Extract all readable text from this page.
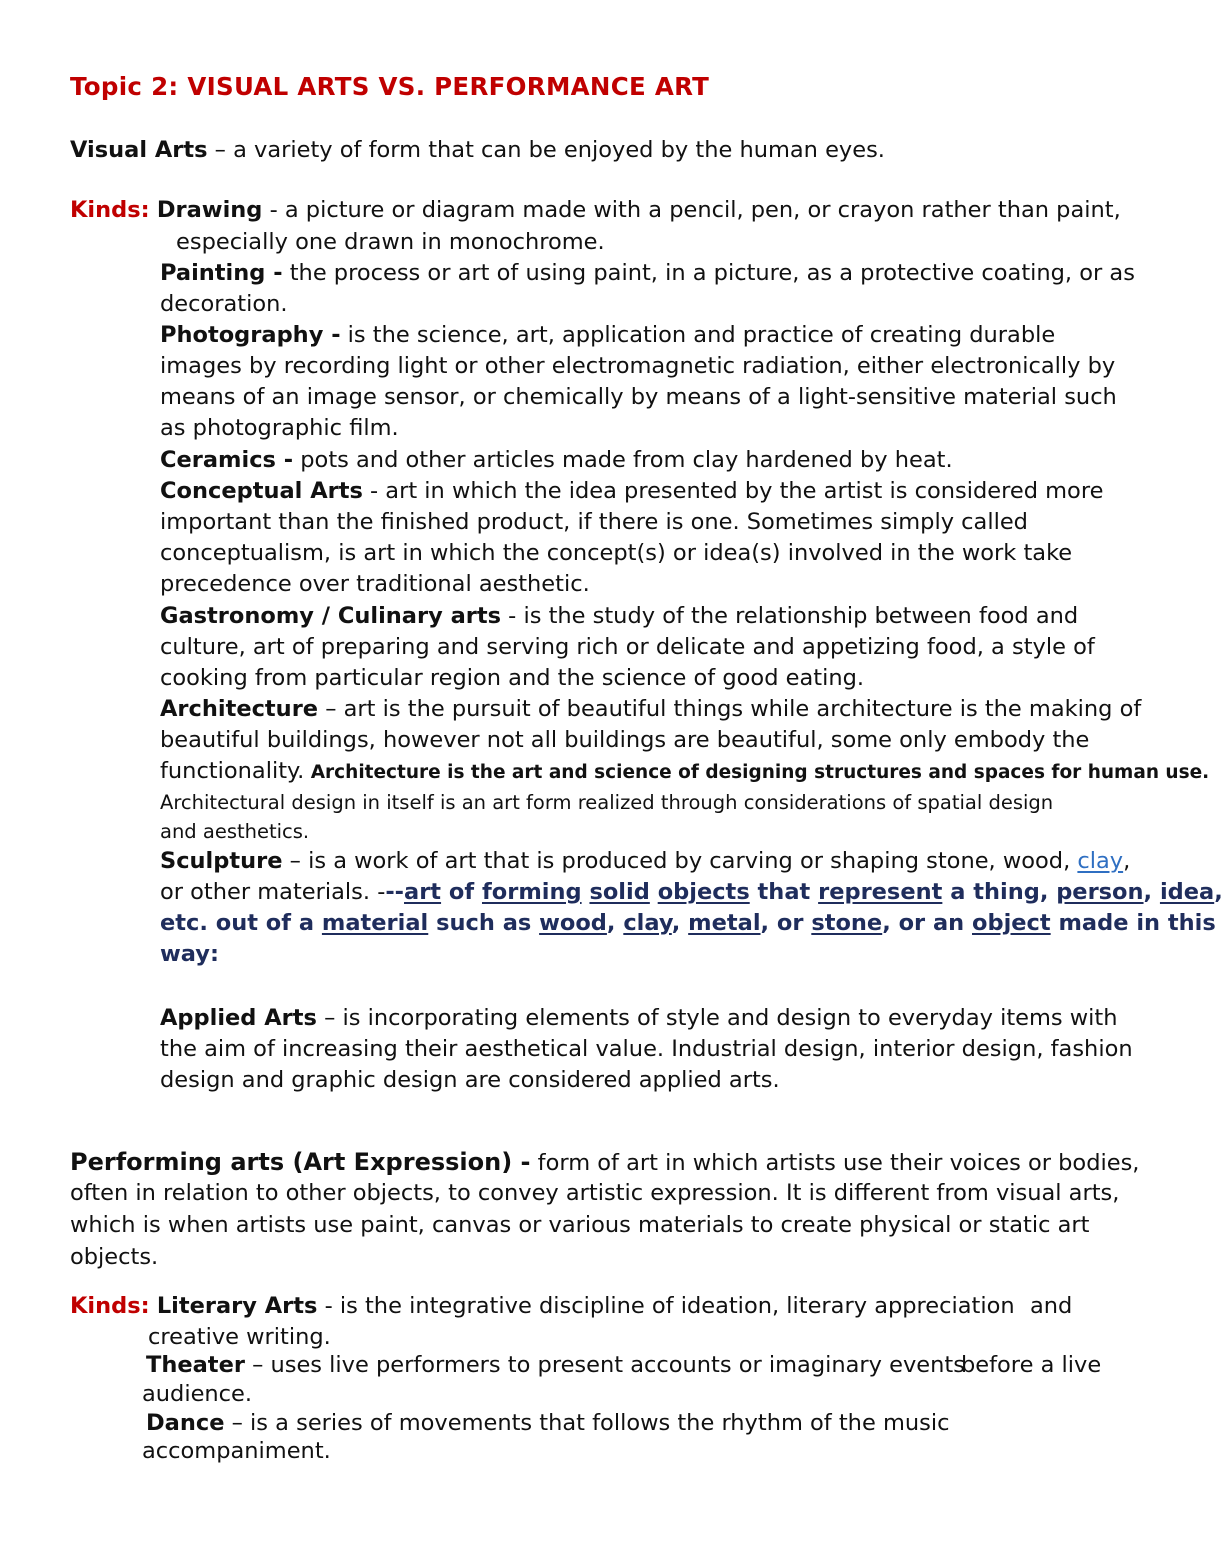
Topic 2: VISUAL ARTS VS. PERFORMANCE ART

Visual Arts – a variety of form that can be enjoyed by the human eyes.

Kinds: Drawing - a picture or diagram made with a pencil, pen, or crayon rather than paint,

especially one drawn in monochrome.

Painting - the process or art of using paint, in a picture, as a protective coating, or as

decoration.

Photography - is the science, art, application and practice of creating durable

images by recording light or other electromagnetic radiation, either electronically by

means of an image sensor, or chemically by means of a light-sensitive material such

as photographic film.

Ceramics - pots and other articles made from clay hardened by heat.

Conceptual Arts - art in which the idea presented by the artist is considered more

important than the finished product, if there is one. Sometimes simply called

conceptualism, is art in which the concept(s) or idea(s) involved in the work take

precedence over traditional aesthetic.

Gastronomy / Culinary arts - is the study of the relationship between food and

culture, art of preparing and serving rich or delicate and appetizing food, a style of

cooking from particular region and the science of good eating.

Architecture – art is the pursuit of beautiful things while architecture is the making of

beautiful buildings, however not all buildings are beautiful, some only embody the

functionality. Architecture is the art and science of designing structures and spaces for human use.

Architectural design in itself is an art form realized through considerations of spatial design

and aesthetics.

Sculpture – is a work of art that is produced by carving or shaping stone, wood, clay,

or other materials. ---art of forming solid objects that represent a thing, person, idea,

etc. out of a material such as wood, clay, metal, or stone, or an object made in this

way:

Applied Arts – is incorporating elements of style and design to everyday items with

the aim of increasing their aesthetical value. Industrial design, interior design, fashion

design and graphic design are considered applied arts.

Performing arts (Art Expression) - form of art in which artists use their voices or bodies,

often in relation to other objects, to convey artistic expression. It is different from visual arts,

which is when artists use paint, canvas or various materials to create physical or static art

objects.

Kinds: Literary Arts - is the integrative discipline of ideation, literary appreciation and

creative writing.

Theater – uses live performers to present accounts or imaginary events

before a live

audience.

Dance – is a series of movements that follows the rhythm of the music

accompaniment.
